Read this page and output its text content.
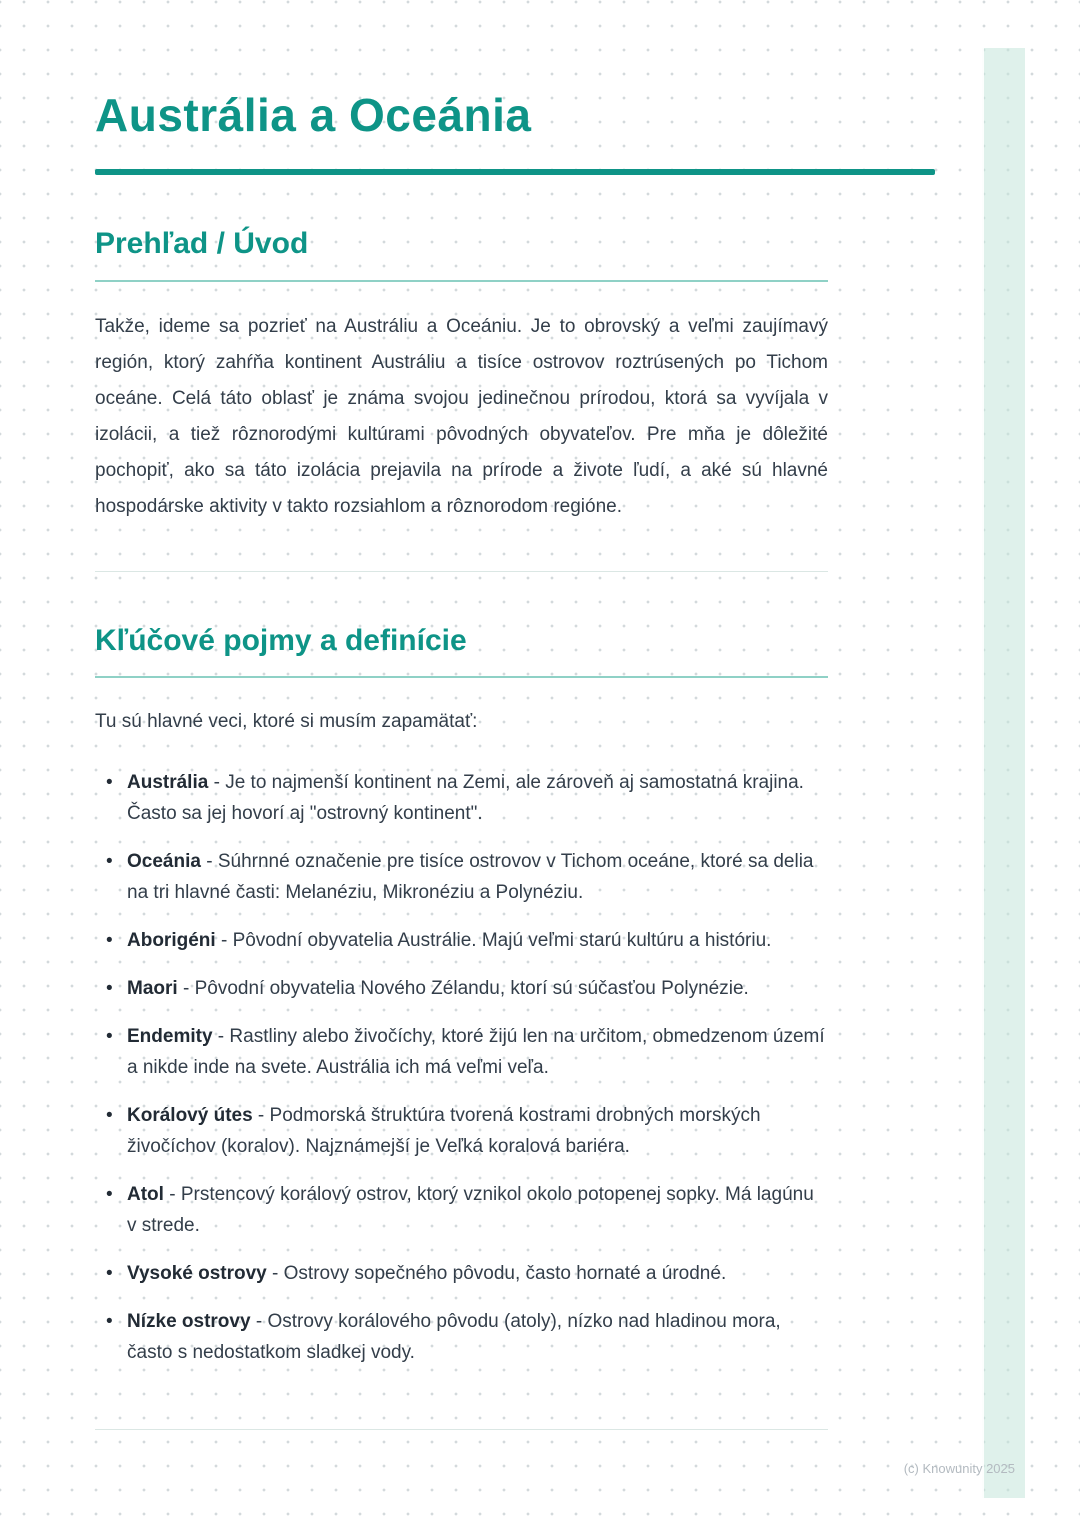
Austrália a Oceánia
Prehľad / Úvod

Takže, ideme sa pozrieť na Austráliu a Oceániu. Je to obrovský a veľmi zaujímavý región, ktorý zahŕňa kontinent Austráliu a tisíce ostrovov roztrúsených po Tichom oceáne. Celá táto oblasť je známa svojou jedinečnou prírodou, ktorá sa vyvíjala v izolácii, a tiež rôznorodými kultúrami pôvodných obyvateľov. Pre mňa je dôležité pochopiť, ako sa táto izolácia prejavila na prírode a živote ľudí, a aké sú hlavné hospodárske aktivity v takto rozsiahlom a rôznorodom regióne.

Kľúčové pojmy a definície

Tu sú hlavné veci, ktoré si musím zapamätať:

• Austrália - Je to najmenší kontinent na Zemi, ale zároveň aj samostatná krajina. Často sa jej hovorí aj "ostrovný kontinent".
• Oceánia - Súhrnné označenie pre tisíce ostrovov v Tichom oceáne, ktoré sa delia na tri hlavné časti: Melanéziu, Mikronéziu a Polynéziu.
• Aborigéni - Pôvodní obyvatelia Austrálie. Majú veľmi starú kultúru a históriu.
• Maori - Pôvodní obyvatelia Nového Zélandu, ktorí sú súčasťou Polynézie.
• Endemity - Rastliny alebo živočíchy, ktoré žijú len na určitom, obmedzenom území a nikde inde na svete. Austrália ich má veľmi veľa.
• Korálový útes - Podmorská štruktúra tvorená kostrami drobných morských živočíchov (koralov). Najznámejší je Veľká koralová bariéra.
• Atol - Prstencový korálový ostrov, ktorý vznikol okolo potopenej sopky. Má lagúnu v strede.
• Vysoké ostrovy - Ostrovy sopečného pôvodu, často hornaté a úrodné.
• Nízke ostrovy - Ostrovy korálového pôvodu (atoly), nízko nad hladinou mora, často s nedostatkom sladkej vody.
(c) Knowunity 2025
